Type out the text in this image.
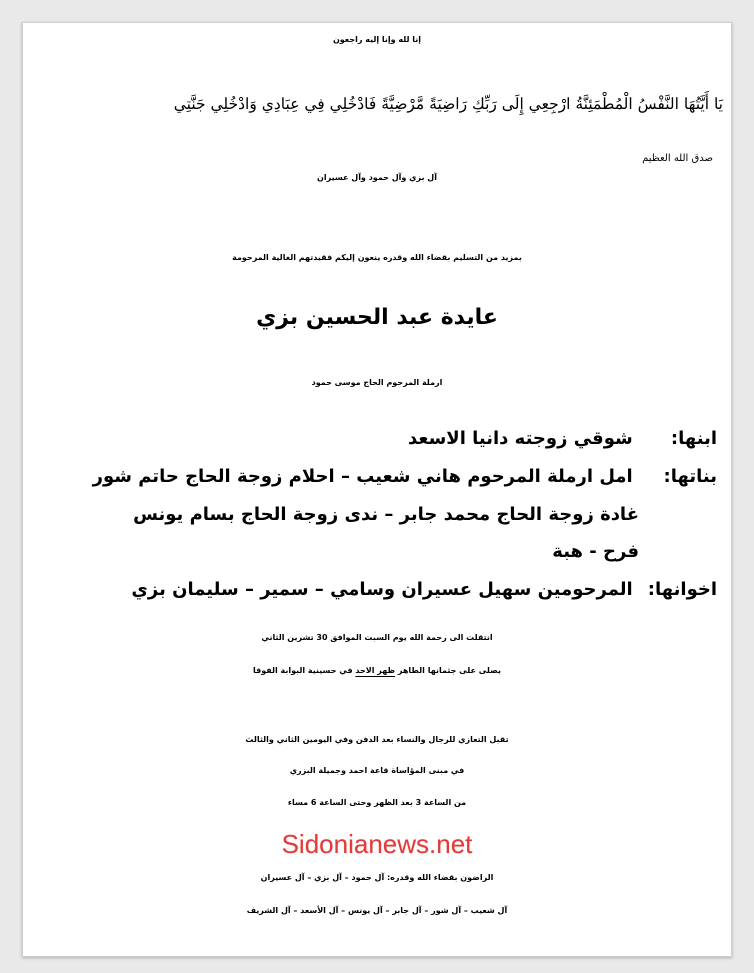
إنا لله وإنا إليه راجعون
يَا أَيَّتُهَا النَّفْسُ الْمُطْمَئِنَّةُ ارْجِعِي إِلَى رَبِّكِ رَاضِيَةً مَّرْضِيَّةً فَادْخُلِي فِي عِبَادِي وَادْخُلِي جَنَّتِي
صدق الله العظيم
آل بزي وآل حمود وآل عسيران
بمزيد من التسليم بقضاء الله وقدره ينعون إليكم فقيدتهم الغالية المرحومة
عايدة عبد الحسين بزي
ارملة المرحوم الحاج موسى حمود
ابنها: شوقي زوجته دانيا الاسعد
بناتها: امل ارملة المرحوم هاني شعيب – احلام زوجة الحاج حاتم شور
غادة زوجة الحاج محمد جابر – ندى زوجة الحاج بسام يونس
فرح - هبة
اخوانها: المرحومين سهيل عسيران وسامي – سمير – سليمان بزي
انتقلت الى رحمة الله يوم السبت الموافق 30 تشرين الثاني
يصلى على جثمانها الطاهر ظهر الاحد في حسينية البوابة الفوقا
تقبل التعازي للرجال والنساء بعد الدفن وفي اليومين الثاني والثالث
في مبنى المؤاساة قاعة احمد وجميلة البزري
من الساعة 3 بعد الظهر وحتى الساعة 6 مساء
Sidonianews.net
الراضون بقضاء الله وقدره: آل حمود – آل بزي – آل عسيران
آل شعيب – آل شور – آل جابر – آل يونس – آل الأسعد – آل الشريف
